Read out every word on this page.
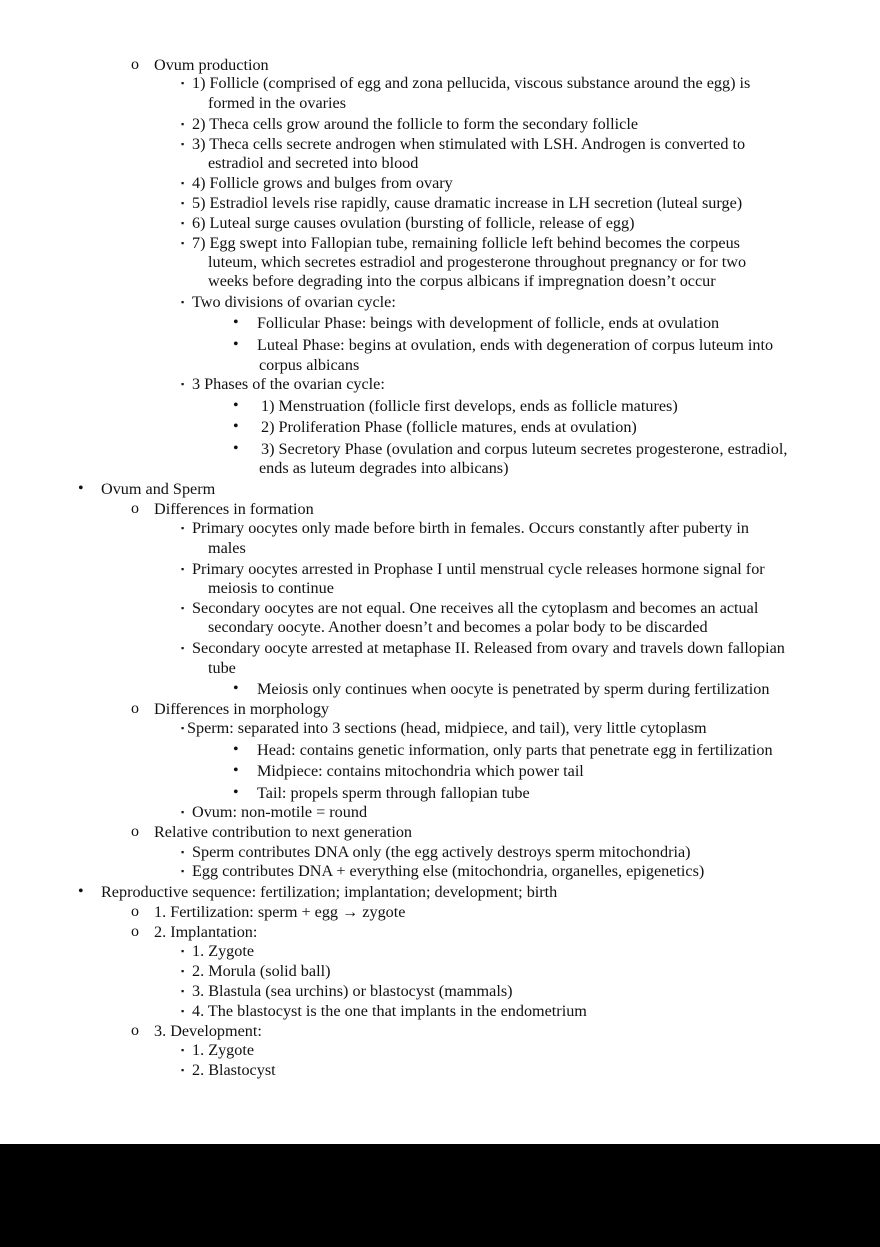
o Ovum production
▪ 1) Follicle (comprised of egg and zona pellucida, viscous substance around the egg) is
formed in the ovaries
▪ 2) Theca cells grow around the follicle to form the secondary follicle
▪ 3) Theca cells secrete androgen when stimulated with LSH. Androgen is converted to
estradiol and secreted into blood
▪ 4) Follicle grows and bulges from ovary
▪ 5) Estradiol levels rise rapidly, cause dramatic increase in LH secretion (luteal surge)
▪ 6) Luteal surge causes ovulation (bursting of follicle, release of egg)
▪ 7) Egg swept into Fallopian tube, remaining follicle left behind becomes the corpeus
luteum, which secretes estradiol and progesterone throughout pregnancy or for two
weeks before degrading into the corpus albicans if impregnation doesn’t occur
▪ Two divisions of ovarian cycle:
• Follicular Phase: beings with development of follicle, ends at ovulation
• Luteal Phase: begins at ovulation, ends with degeneration of corpus luteum into
corpus albicans
▪ 3 Phases of the ovarian cycle:
• 1) Menstruation (follicle first develops, ends as follicle matures)
• 2) Proliferation Phase (follicle matures, ends at ovulation)
• 3) Secretory Phase (ovulation and corpus luteum secretes progesterone, estradiol,
ends as luteum degrades into albicans)
• Ovum and Sperm
o Differences in formation
▪ Primary oocytes only made before birth in females. Occurs constantly after puberty in
males
▪ Primary oocytes arrested in Prophase I until menstrual cycle releases hormone signal for
meiosis to continue
▪ Secondary oocytes are not equal. One receives all the cytoplasm and becomes an actual
secondary oocyte. Another doesn’t and becomes a polar body to be discarded
▪ Secondary oocyte arrested at metaphase II. Released from ovary and travels down fallopian
tube
• Meiosis only continues when oocyte is penetrated by sperm during fertilization
o Differences in morphology
▪ Sperm: separated into 3 sections (head, midpiece, and tail), very little cytoplasm
• Head: contains genetic information, only parts that penetrate egg in fertilization
• Midpiece: contains mitochondria which power tail
• Tail: propels sperm through fallopian tube
▪ Ovum: non-motile = round
o Relative contribution to next generation
▪ Sperm contributes DNA only (the egg actively destroys sperm mitochondria)
▪ Egg contributes DNA + everything else (mitochondria, organelles, epigenetics)
• Reproductive sequence: fertilization; implantation; development; birth
o 1. Fertilization: sperm + egg → zygote
o 2. Implantation:
▪ 1. Zygote
▪ 2. Morula (solid ball)
▪ 3. Blastula (sea urchins) or blastocyst (mammals)
▪ 4. The blastocyst is the one that implants in the endometrium
o 3. Development:
▪ 1. Zygote
▪ 2. Blastocyst
